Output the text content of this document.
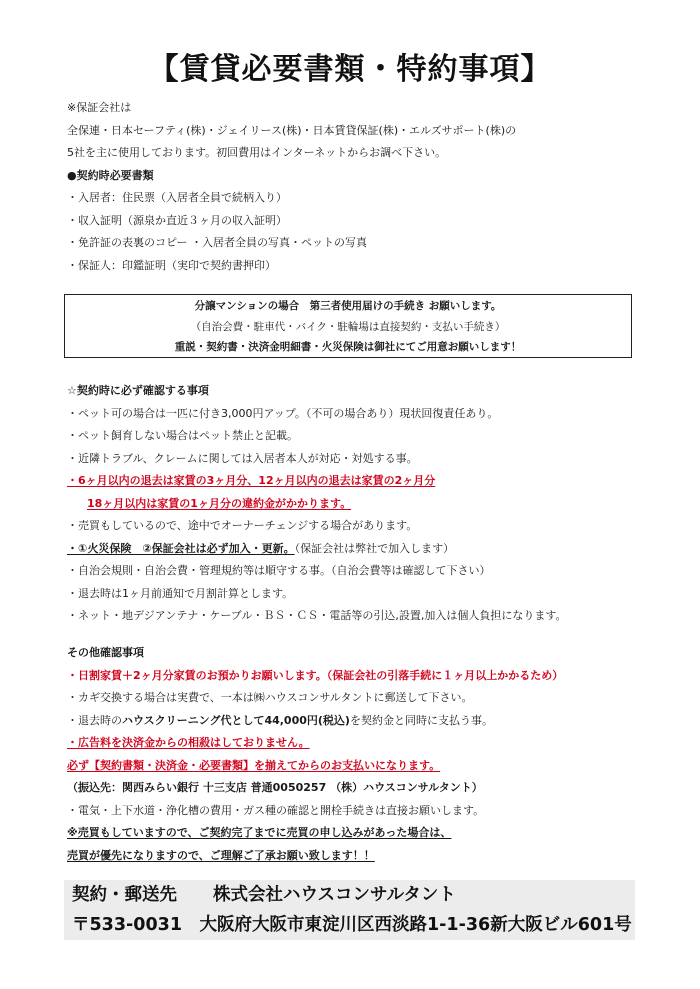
【賃貸必要書類・特約事項】
※保証会社は
全保連・日本セーフティ(株)・ジェイリース(株)・日本賃貸保証(株)・エルズサポート(株)の
5社を主に使用しております。初回費用はインターネットからお調べ下さい。
●契約時必要書類
・入居者：住民票（入居者全員で続柄入り）
・収入証明（源泉か直近３ヶ月の収入証明）
・免許証の表裏のコピー ・入居者全員の写真・ペットの写真
・保証人：印鑑証明（実印で契約書押印）
分譲マンションの場合　第三者使用届けの手続き お願いします。
（自治会費・駐車代・バイク・駐輪場は直接契約・支払い手続き）
重説・契約書・決済金明細書・火災保険は御社にてご用意お願いします！
☆契約時に必ず確認する事項
・ペット可の場合は一匹に付き3,000円アップ。（不可の場合あり）現状回復責任あり。
・ペット飼育しない場合はペット禁止と記載。
・近隣トラブル、クレームに関しては入居者本人が対応・対処する事。
・6ヶ月以内の退去は家賃の3ヶ月分、12ヶ月以内の退去は家賃の2ヶ月分
18ヶ月以内は家賃の1ヶ月分の違約金がかかります。
・売買もしているので、途中でオーナーチェンジする場合があります。
・①火災保険　②保証会社は必ず加入・更新。（保証会社は弊社で加入します）
・自治会規則・自治会費・管理規約等は順守する事。（自治会費等は確認して下さい）
・退去時は1ヶ月前通知で月割計算とします。
・ネット・地デジアンテナ・ケーブル・ＢＳ・ＣＳ・電話等の引込,設置,加入は個人負担になります。
その他確認事項
・日割家賃＋2ヶ月分家賃のお預かりお願いします。（保証会社の引落手続に１ヶ月以上かかるため）
・カギ交換する場合は実費で、一本は㈱ハウスコンサルタントに郵送して下さい。
・退去時のハウスクリーニング代として44,000円(税込)を契約金と同時に支払う事。
・広告料を決済金からの相殺はしておりません。
必ず【契約書類・決済金・必要書類】を揃えてからのお支払いになります。
（振込先：関西みらい銀行 十三支店 普通0050257 （株）ハウスコンサルタント）
・電気・上下水道・浄化槽の費用・ガス種の確認と開栓手続きは直接お願いします。
※売買もしていますので、ご契約完了までに売買の申し込みがあった場合は、
売買が優先になりますので、ご理解ご了承お願い致します！！
契約・郵送先 株式会社ハウスコンサルタント
〒533-0031　大阪府大阪市東淀川区西淡路1-1-36新大阪ビル601号
